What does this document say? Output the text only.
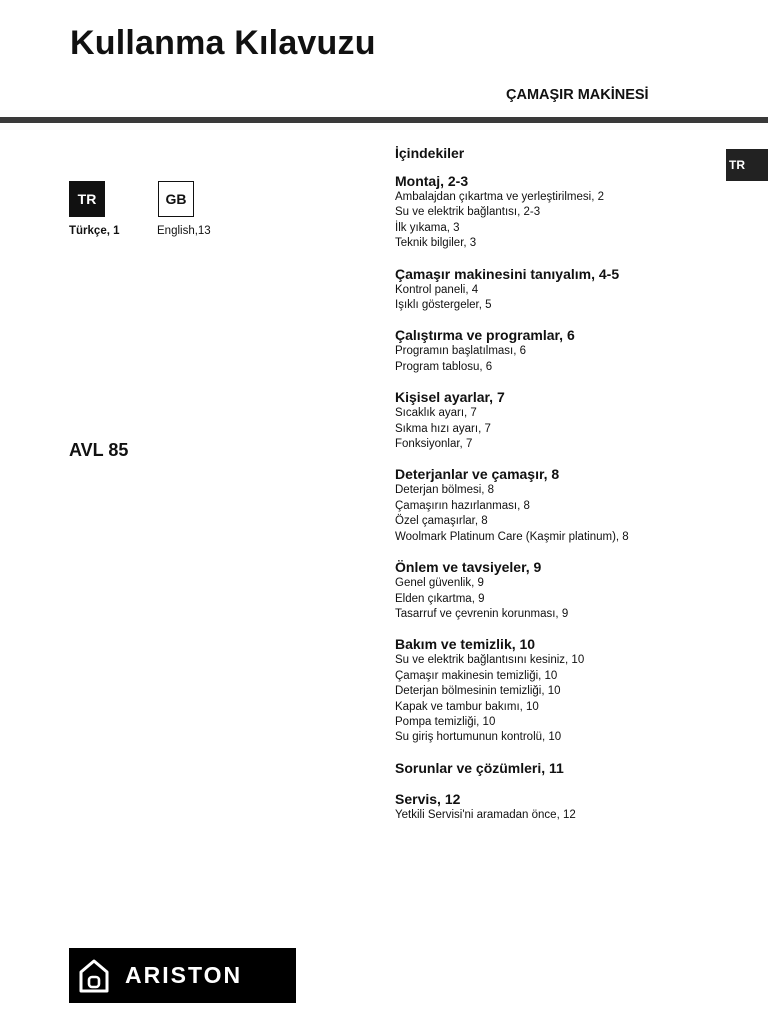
Kullanma Kılavuzu
ÇAMAŞIR MAKİNESİ
TR
Türkçe, 1
GB
English,13
AVL 85
TR
İçindekiler
Montaj, 2-3
Ambalajdan çıkartma ve yerleştirilmesi, 2
Su ve elektrik bağlantısı, 2-3
İlk yıkama, 3
Teknik bilgiler, 3
Çamaşır makinesini tanıyalım, 4-5
Kontrol paneli, 4
Işıklı göstergeler, 5
Çalıştırma ve programlar, 6
Programın başlatılması, 6
Program tablosu, 6
Kişisel ayarlar, 7
Sıcaklık ayarı, 7
Sıkma hızı ayarı, 7
Fonksiyonlar, 7
Deterjanlar ve çamaşır, 8
Deterjan bölmesi, 8
Çamaşırın hazırlanması, 8
Özel çamaşırlar, 8
Woolmark Platinum Care (Kaşmir platinum), 8
Önlem ve tavsiyeler, 9
Genel güvenlik, 9
Elden çıkartma, 9
Tasarruf ve çevrenin korunması, 9
Bakım ve temizlik, 10
Su ve elektrik bağlantısını kesiniz, 10
Çamaşır makinesin temizliği, 10
Deterjan bölmesinin temizliği, 10
Kapak ve tambur bakımı, 10
Pompa temizliği, 10
Su giriş hortumunun kontrolü, 10
Sorunlar ve çözümleri, 11
Servis, 12
Yetkili Servisi'ni aramadan önce, 12
ARISTON
